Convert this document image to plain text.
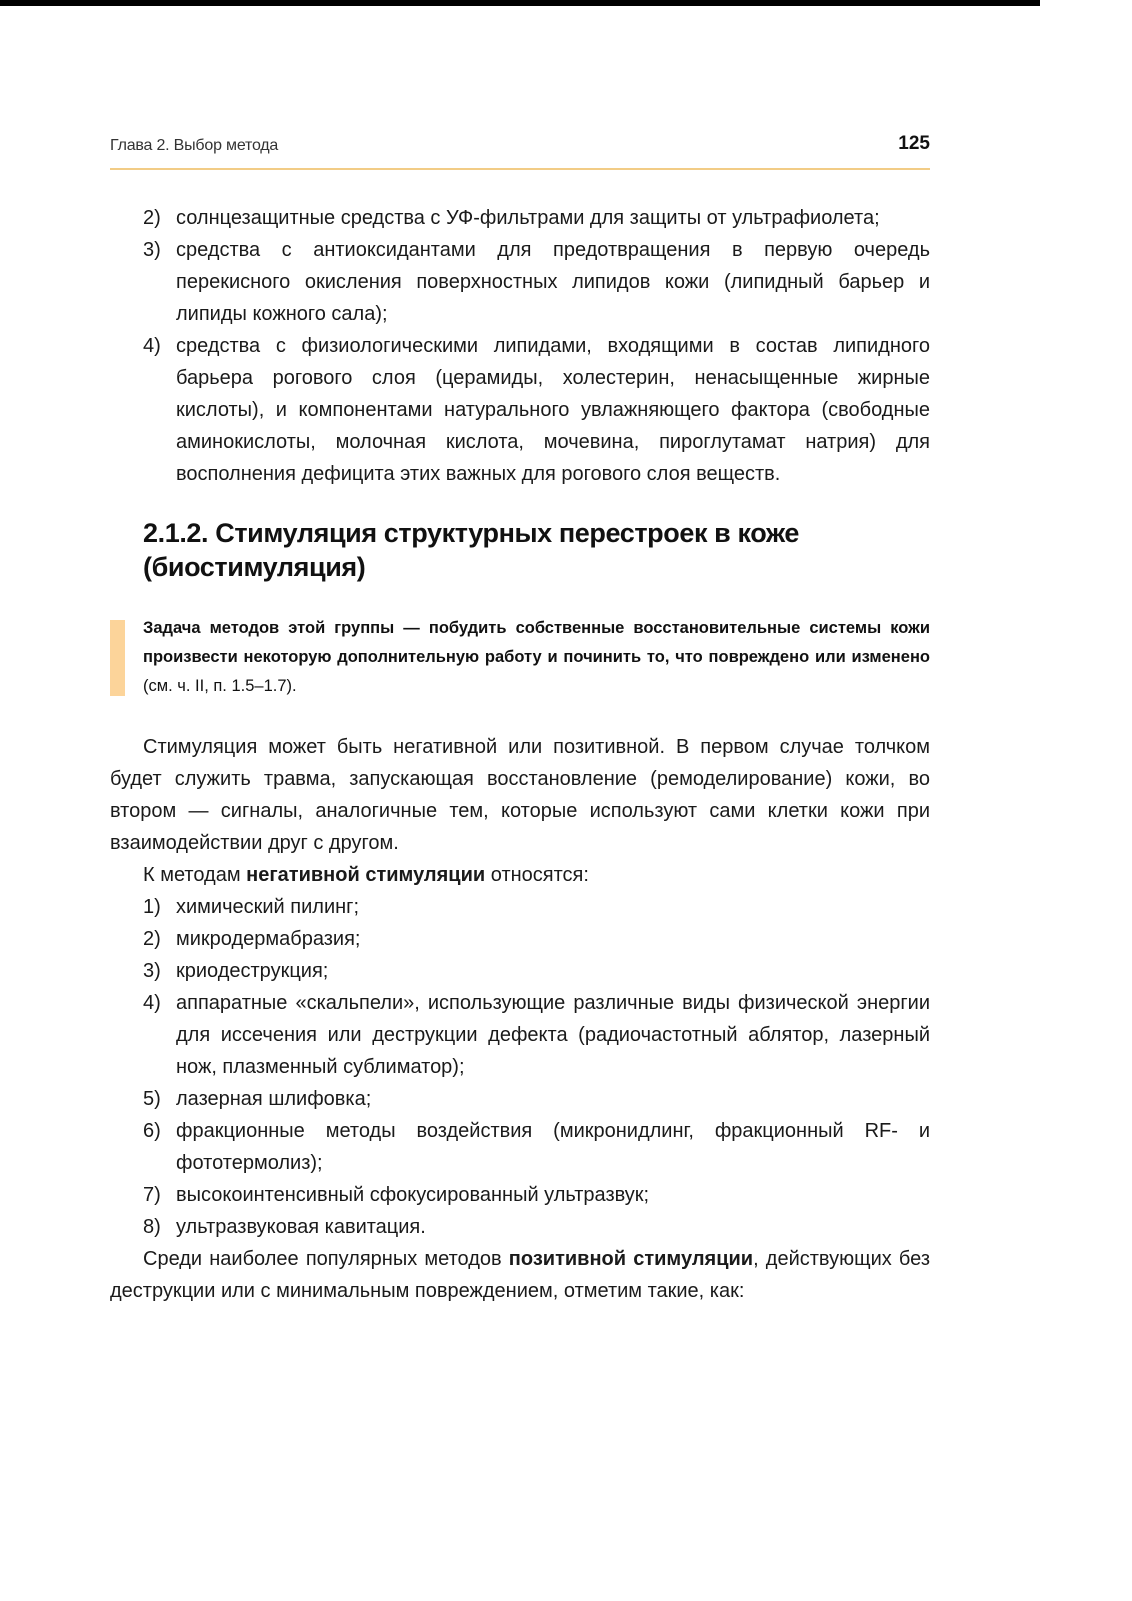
Глава 2. Выбор метода	125
2) солнцезащитные средства с УФ-фильтрами для защиты от ультрафиолета;
3) средства с антиоксидантами для предотвращения в первую очередь перекисного окисления поверхностных липидов кожи (липидный барьер и липиды кожного сала);
4) средства с физиологическими липидами, входящими в состав липидного барьера рогового слоя (церамиды, холестерин, ненасыщенные жирные кислоты), и компонентами натурального увлажняющего фактора (свободные аминокислоты, молочная кислота, мочевина, пироглутамат натрия) для восполнения дефицита этих важных для рогового слоя веществ.
2.1.2. Стимуляция структурных перестроек в коже
(биостимуляция)
Задача методов этой группы — побудить собственные восстановительные системы кожи произвести некоторую дополнительную работу и починить то, что повреждено или изменено (см. ч. II, п. 1.5–1.7).

Стимуляция может быть негативной или позитивной. В первом случае толчком будет служить травма, запускающая восстановление (ремоделирование) кожи, во втором — сигналы, аналогичные тем, которые используют сами клетки кожи при взаимодействии друг с другом.

К методам негативной стимуляции относятся:

1) химический пилинг;
2) микродермабразия;
3) криодеструкция;
4) аппаратные «скальпели», использующие различные виды физической энергии для иссечения или деструкции дефекта (радиочастотный аблятор, лазерный нож, плазменный сублиматор);
5) лазерная шлифовка;
6) фракционные методы воздействия (микронидлинг, фракционный RF- и фототермолиз);
7) высокоинтенсивный сфокусированный ультразвук;
8) ультразвуковая кавитация.

Среди наиболее популярных методов позитивной стимуляции, действующих без деструкции или с минимальным повреждением, отметим такие, как:
